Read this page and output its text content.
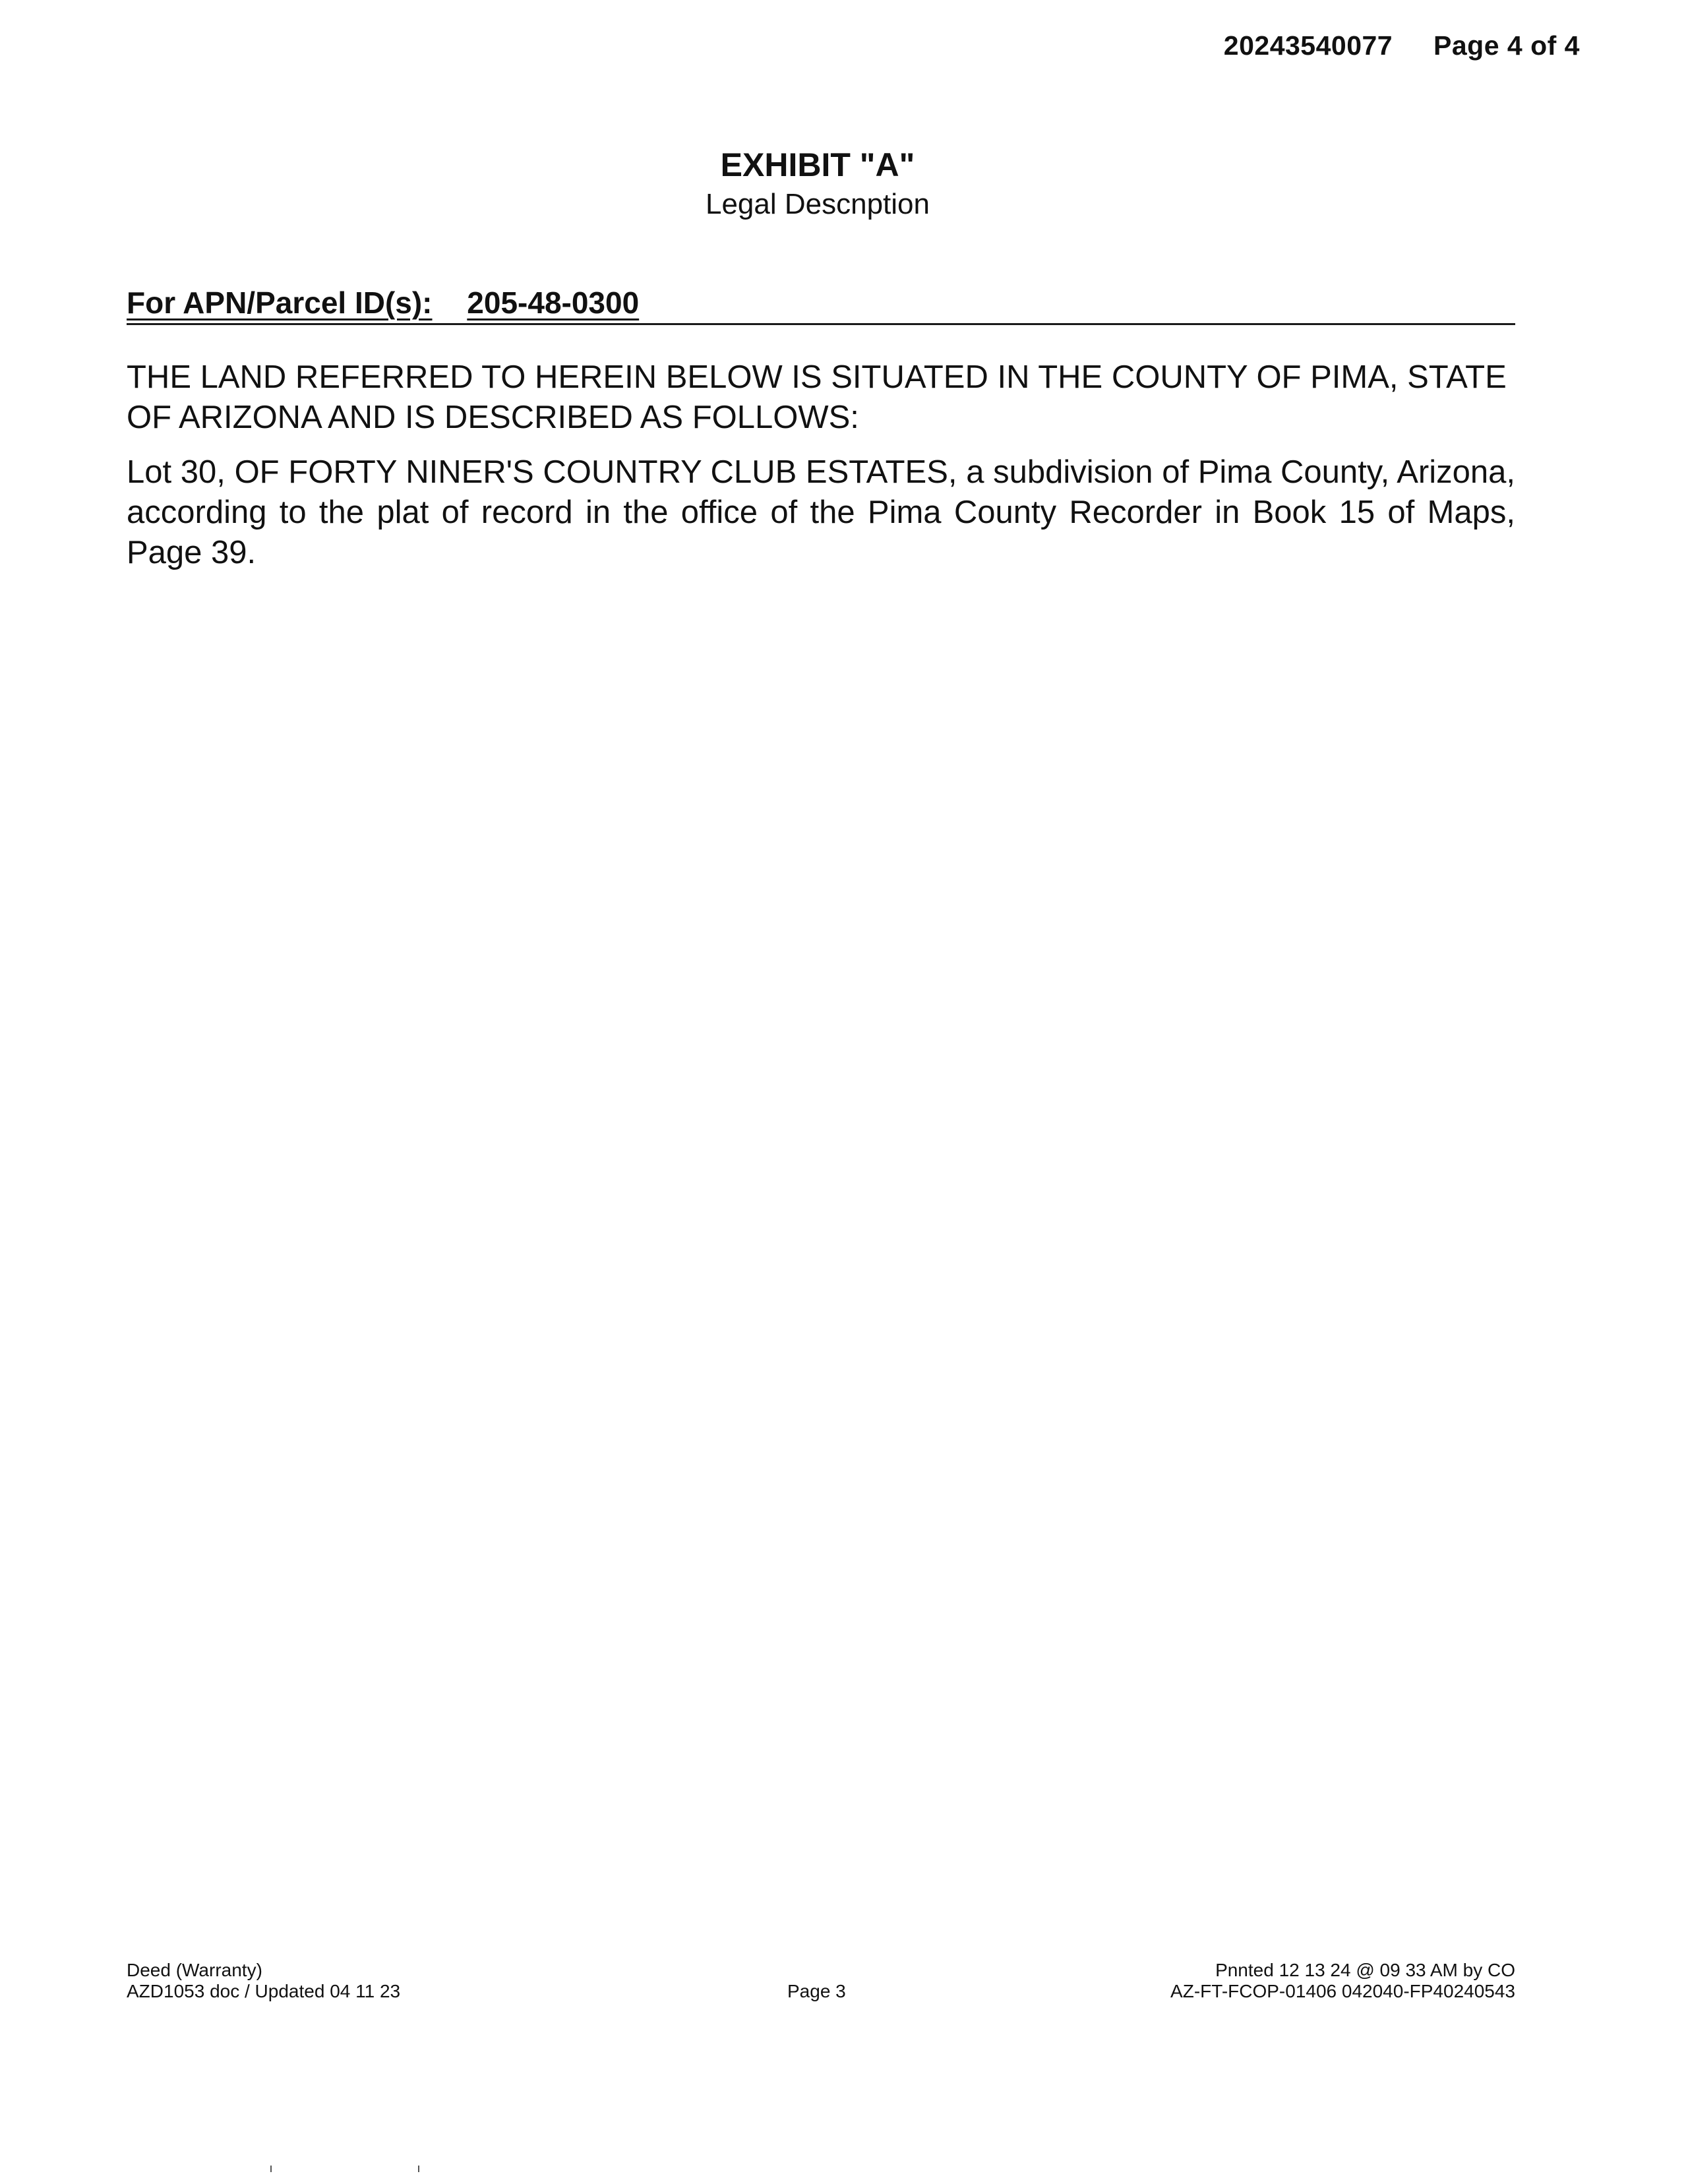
20243540077 Page 4 of 4
EXHIBIT "A"
Legal Descnption
For APN/Parcel ID(s): 205-48-0300
THE LAND REFERRED TO HEREIN BELOW IS SITUATED IN THE COUNTY OF PIMA, STATE OF ARIZONA AND IS DESCRIBED AS FOLLOWS:
Lot 30, OF FORTY NINER'S COUNTRY CLUB ESTATES, a subdivision of Pima County, Arizona, according to the plat of record in the office of the Pima County Recorder in Book 15 of Maps, Page 39.
Deed (Warranty)
AZD1053 doc / Updated 04 11 23	Page 3
Pnnted 12 13 24 @ 09 33 AM by CO
AZ-FT-FCOP-01406 042040-FP40240543
